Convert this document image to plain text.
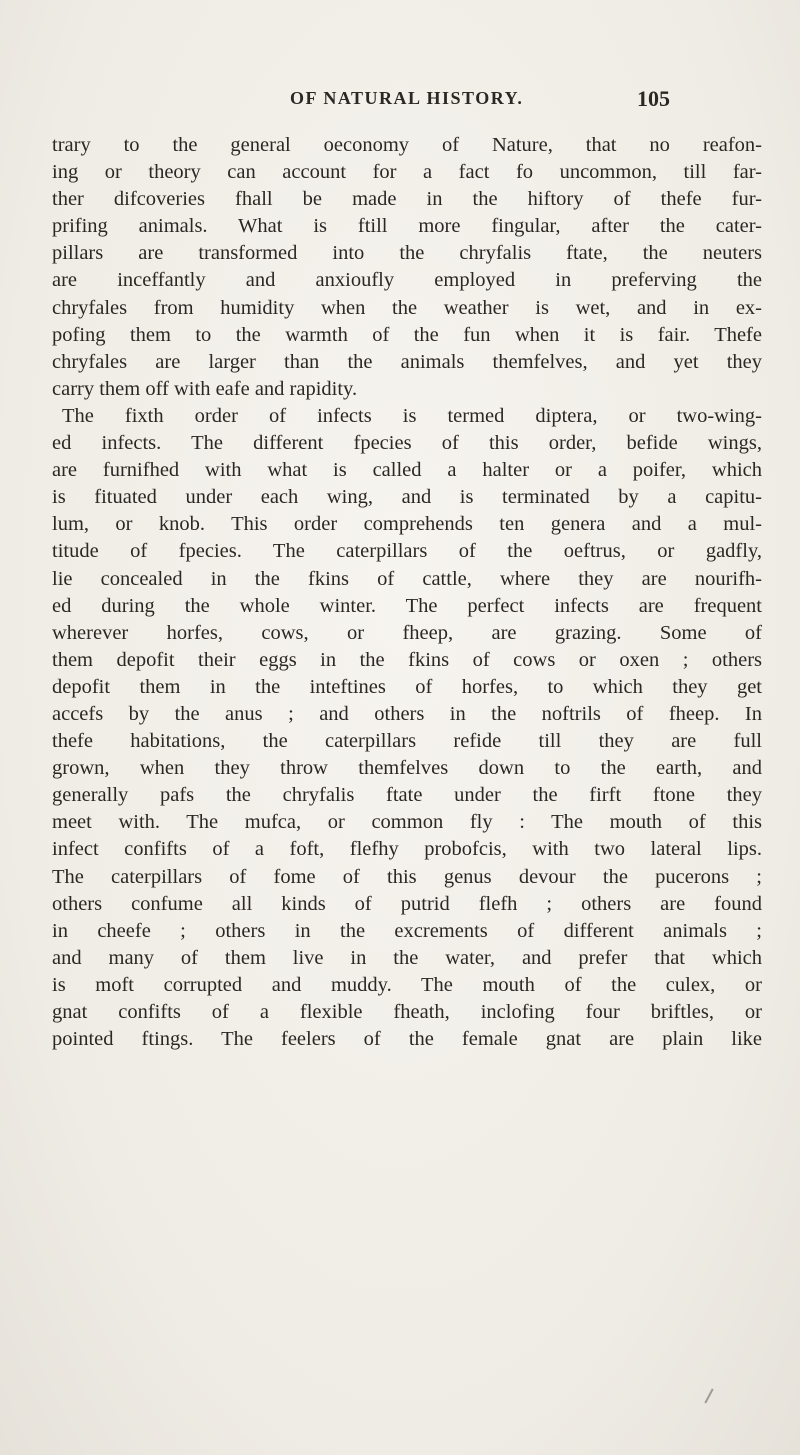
OF NATURAL HISTORY.	105
trary to the general oeconomy of Nature, that no reafon-
ing or theory can account for a fact fo uncommon, till far-
ther difcoveries fhall be made in the hiftory of thefe fur-
prifing animals. What is ftill more fingular, after the cater-
pillars are transformed into the chryfalis ftate, the neuters
are inceffantly and anxioufly employed in preferving the
chryfales from humidity when the weather is wet, and in ex-
pofing them to the warmth of the fun when it is fair. Thefe
chryfales are larger than the animals themfelves, and yet they
carry them off with eafe and rapidity.
The fixth order of infects is termed diptera, or two-wing-
ed infects. The different fpecies of this order, befide wings,
are furnifhed with what is called a halter or a poifer, which
is fituated under each wing, and is terminated by a capitu-
lum, or knob. This order comprehends ten genera and a mul-
titude of fpecies. The caterpillars of the oeftrus, or gadfly,
lie concealed in the fkins of cattle, where they are nourifh-
ed during the whole winter. The perfect infects are frequent
wherever horfes, cows, or fheep, are grazing. Some of
them depofit their eggs in the fkins of cows or oxen ; others
depofit them in the inteftines of horfes, to which they get
accefs by the anus ; and others in the noftrils of fheep. In
thefe habitations, the caterpillars refide till they are full
grown, when they throw themfelves down to the earth, and
generally pafs the chryfalis ftate under the firft ftone they
meet with. The mufca, or common fly : The mouth of this
infect confifts of a foft, flefhy probofcis, with two lateral lips.
The caterpillars of fome of this genus devour the pucerons ;
others confume all kinds of putrid flefh ; others are found
in cheefe ; others in the excrements of different animals ;
and many of them live in the water, and prefer that which
is moft corrupted and muddy. The mouth of the culex, or
gnat confifts of a flexible fheath, inclofing four briftles, or
pointed ftings. The feelers of the female gnat are plain like
